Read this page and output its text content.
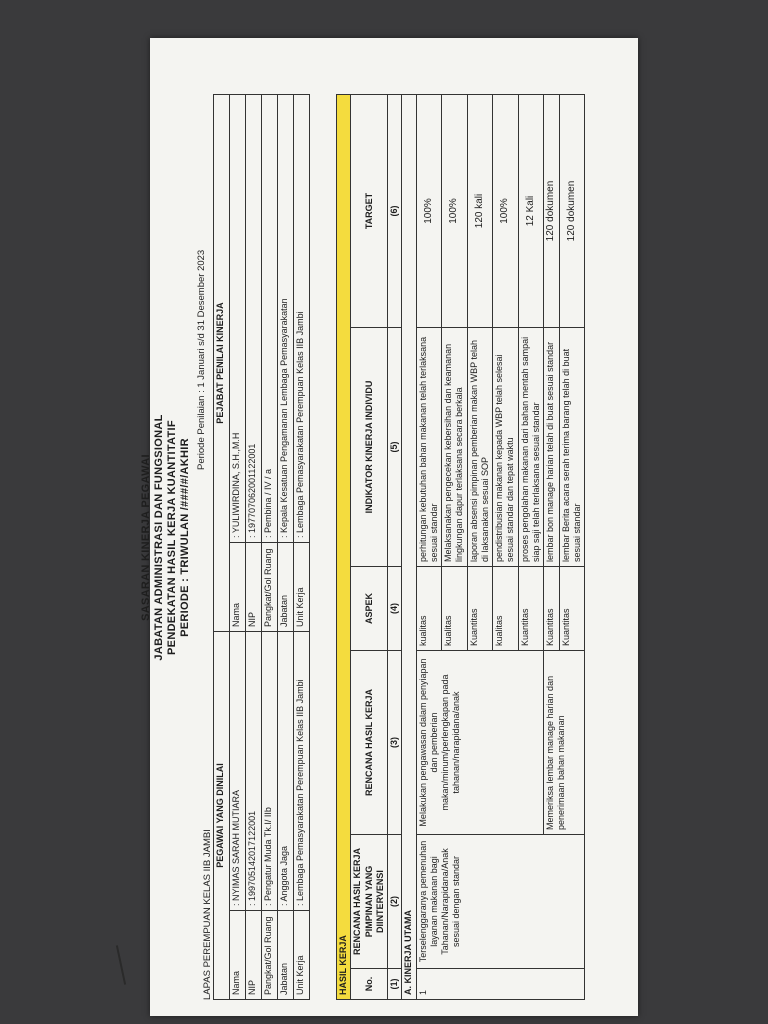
SASARAN KINERJA PEGAWAI JABATAN ADMINISTRASI DAN FUNGSIONAL PENDEKATAN HASIL KERJA KUANTITATIF PERIODE : TRIWULAN /###/#/AKHIR
LAPAS PEREMPUAN KELAS IIB JAMBI
Periode Penilaian : 1 Januari s/d 31 Desember 2023
PEGAWAI YANG DINILAI		PEJABAT PENILAI KINERJA	
Nama	: NYIMAS SARAH MUTIARA	Nama	: YULIWIRDINA, S.H.,M.H
NIP	: 199705142017122001	NIP	: 197707062001122001
Pangkat/Gol Ruang	: Pengatur Muda Tk.I/ IIb	Pangkat/Gol Ruang	: Pembina / IV / a
Jabatan	: Anggota Jaga	Jabatan	: Kepala Kesatuan Pengamanan Lembaga Pemasyarakatan
Unit Kerja	: Lembaga Pemasyarakatan Perempuan Kelas IIB Jambi	Unit Kerja	: Lembaga Pemasyarakatan Perempuan Kelas IIB Jambi
HASIL KERJA					
No.	RENCANA HASIL KERJA PIMPINAN YANG DIINTERVENSI	RENCANA HASIL KERJA	ASPEK	INDIKATOR KINERJA INDIVIDU	TARGET
(1)	(2)	(3)	(4)	(5)	(6)
A. KINERJA UTAMA					
1	Terselenggaranya pemenuhan layanan makanan bagi Tahanan/Narapidana/Anak sesuai dengan standar	Melakukan pengawasan dalam penyiapan dan pemberian makan/minum/perlengkapan pada tahanan/narapidana/anak	kualitas	perhitungan kebutuhan bahan makanan telah terlaksana sesuai standar	100%
			kualitas	Melaksanakan pengecekan kebersihan dan keamanan lingkungan dapur terlaksana secara berkala	100%
			Kuantitas	laporan absensi pimpinan pemberian makan WBP telah di laksanakan sesuai SOP	120 kali
			kualitas	pendistribusian makanan kepada WBP telah selesai sesuai standar dan tepat waktu	100%
			Kuantitas	proses pengolahan makanan dari bahan mentah sampai siap saji telah terlaksana sesuai standar	12 Kali
		Memeriksa lembar manage harian dan penerimaan bahan makanan	Kuantitas	lembar bon manage harian telah di buat sesuai standar	120 dokumen
			Kuantitas	lembar Berita acara serah terima barang telah di buat sesuai standar	120 dokumen
